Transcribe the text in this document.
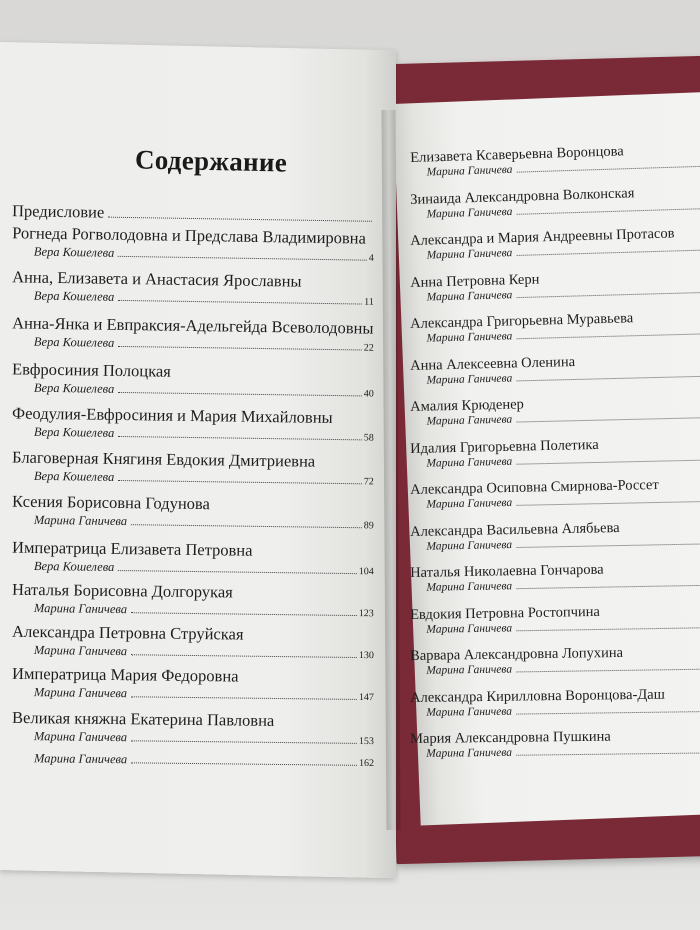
Содержание
Предисловие
Рогнеда Рогволодовна и Предслава Владимировна
Вера Кошелева	4
Анна, Елизавета и Анастасия Ярославны
Вера Кошелева	11
Анна-Янка и Евпраксия-Адельгейда Всеволодовны
Вера Кошелева	22
Евфросиния Полоцкая
Вера Кошелева	40
Феодулия-Евфросиния и Мария Михайловны
Вера Кошелева	58
Благоверная Княгиня Евдокия Дмитриевна
Вера Кошелева	72
Ксения Борисовна Годунова
Марина Ганичева	89
Императрица Елизавета Петровна
Вера Кошелева	104
Наталья Борисовна Долгорукая
Марина Ганичева	123
Александра Петровна Струйская
Марина Ганичева	130
Императрица Мария Федоровна
Марина Ганичева	147
Великая княжна Екатерина Павловна
Марина Ганичева	153
Марина Ганичева	162
Елизавета Ксаверьевна Воронцова
Марина Ганичева
Зинаида Александровна Волконская
Марина Ганичева
Александра и Мария Андреевны Протасов
Марина Ганичева
Анна Петровна Керн
Марина Ганичева
Александра Григорьевна Муравьева
Марина Ганичева
Анна Алексеевна Оленина
Марина Ганичева
Амалия Крюденер
Марина Ганичева
Идалия Григорьевна Полетика
Марина Ганичева
Александра Осиповна Смирнова-Россет
Марина Ганичева
Александра Васильевна Алябьева
Марина Ганичева
Наталья Николаевна Гончарова
Марина Ганичева
Евдокия Петровна Ростопчина
Марина Ганичева
Варвара Александровна Лопухина
Марина Ганичева
Александра Кирилловна Воронцова-Даш
Марина Ганичева
Мария Александровна Пушкина
Марина Ганичева
